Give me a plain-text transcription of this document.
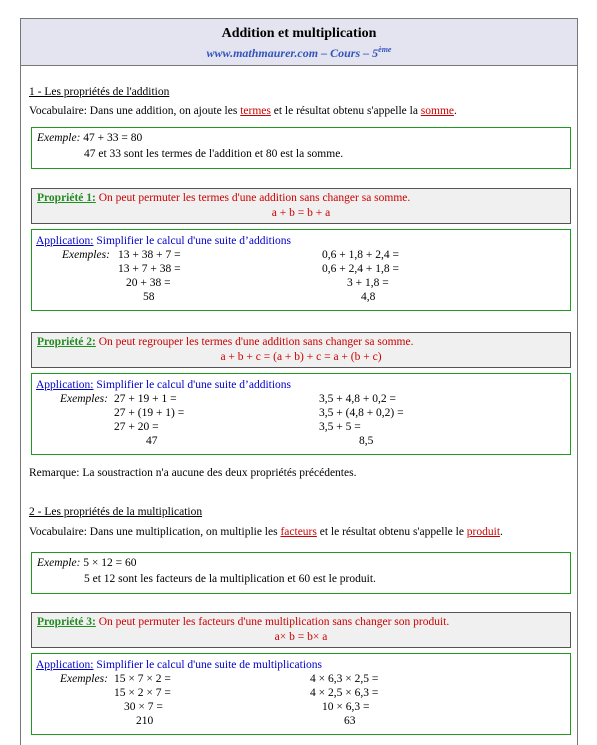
Addition et multiplication
www.mathmaurer.com – Cours – 5ème
1 - Les propriétés de l'addition
Vocabulaire: Dans une addition, on ajoute les termes et le résultat obtenu s'appelle la somme.
Exemple: 47 + 33 = 80
47 et 33 sont les termes de l'addition et 80 est la somme.
Propriété 1: On peut permuter les termes d'une addition sans changer sa somme.
a + b = b + a
Application: Simplifier le calcul d'une suite d’additions
Exemples: 13 + 38 + 7 =
13 + 7 + 38 =
20 + 38 =
58
0,6 + 1,8 + 2,4 =
0,6 + 2,4 + 1,8 =
3 + 1,8 =
4,8
Propriété 2: On peut regrouper les termes d'une addition sans changer sa somme.
a + b + c = (a + b) + c = a + (b + c)
Application: Simplifier le calcul d'une suite d’additions
Exemples: 27 + 19 + 1 =
27 + (19 + 1) =
27 + 20 =
47
3,5 + 4,8 + 0,2 =
3,5 + (4,8 + 0,2) =
3,5 + 5 =
8,5
Remarque: La soustraction n'a aucune des deux propriétés précédentes.
2 - Les propriétés de la multiplication
Vocabulaire: Dans une multiplication, on multiplie les facteurs et le résultat obtenu s'appelle le produit.
Exemple: 5 × 12 = 60
5 et 12 sont les facteurs de la multiplication et 60 est le produit.
Propriété 3: On peut permuter les facteurs d'une multiplication sans changer son produit.
a× b = b× a
Application: Simplifier le calcul d'une suite de multiplications
Exemples: 15 × 7 × 2 =
15 × 2 × 7 =
30 × 7 =
210
4 × 6,3 × 2,5 =
4 × 2,5 × 6,3 =
10 × 6,3 =
63
